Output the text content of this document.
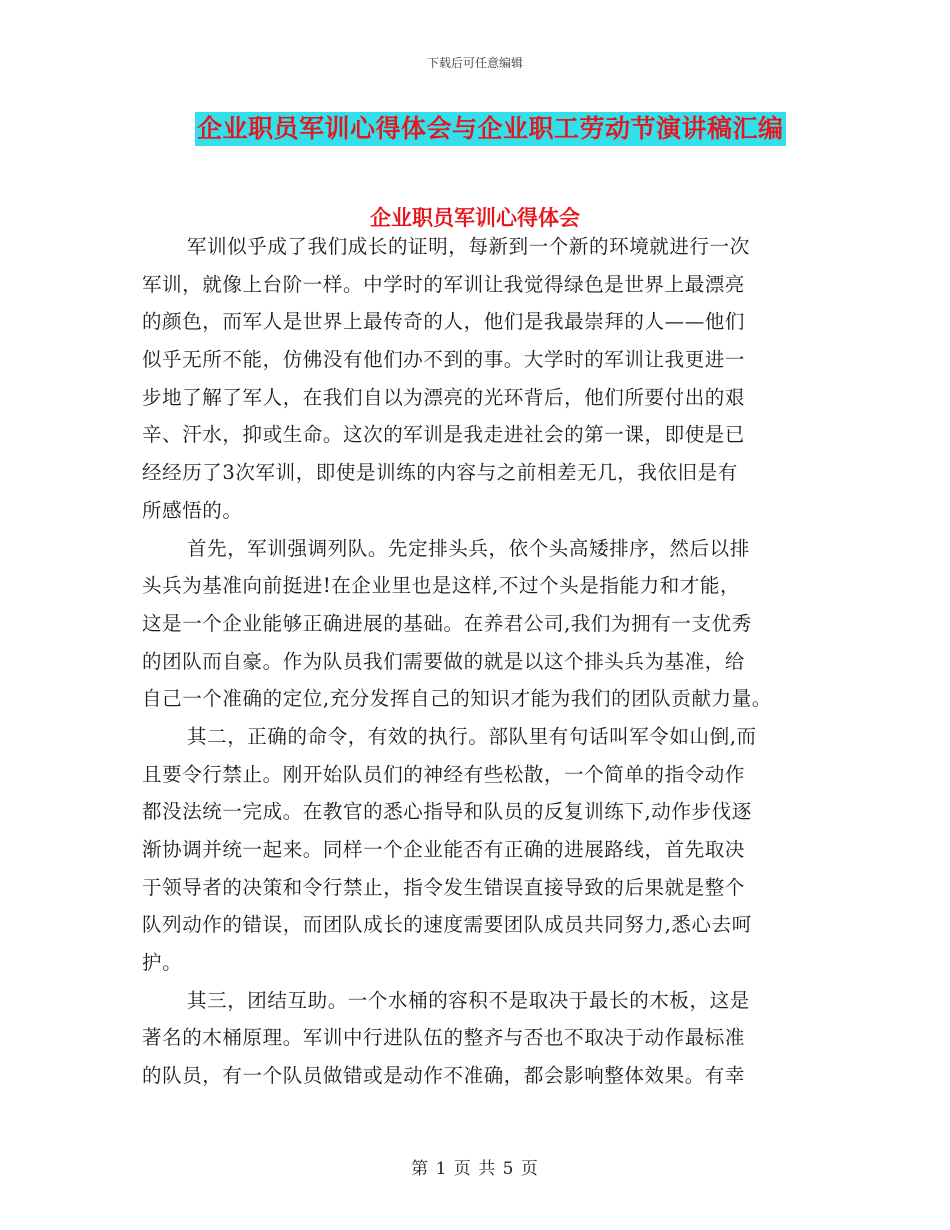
下载后可任意编辑
企业职员军训心得体会与企业职工劳动节演讲稿汇编
企业职员军训心得体会
军训似乎成了我们成长的证明，每新到一个新的环境就进行一次
军训，就像上台阶一样。中学时的军训让我觉得绿色是世界上最漂亮
的颜色，而军人是世界上最传奇的人，他们是我最崇拜的人——他们
似乎无所不能，仿佛没有他们办不到的事。大学时的军训让我更进一
步地了解了军人，在我们自以为漂亮的光环背后，他们所要付出的艰
辛、汗水，抑或生命。这次的军训是我走进社会的第一课，即使是已
经经历了3次军训，即使是训练的内容与之前相差无几，我依旧是有
所感悟的。
首先，军训强调列队。先定排头兵，依个头高矮排序，然后以排
头兵为基准向前挺进!在企业里也是这样,不过个头是指能力和才能，
这是一个企业能够正确进展的基础。在养君公司,我们为拥有一支优秀
的团队而自豪。作为队员我们需要做的就是以这个排头兵为基准，给
自己一个准确的定位,充分发挥自己的知识才能为我们的团队贡献力量。
其二，正确的命令，有效的执行。部队里有句话叫军令如山倒,而
且要令行禁止。刚开始队员们的神经有些松散，一个简单的指令动作
都没法统一完成。在教官的悉心指导和队员的反复训练下,动作步伐逐
渐协调并统一起来。同样一个企业能否有正确的进展路线，首先取决
于领导者的决策和令行禁止，指令发生错误直接导致的后果就是整个
队列动作的错误，而团队成长的速度需要团队成员共同努力,悉心去呵
护。
其三，团结互助。一个水桶的容积不是取决于最长的木板，这是
著名的木桶原理。军训中行进队伍的整齐与否也不取决于动作最标准
的队员，有一个队员做错或是动作不准确，都会影响整体效果。有幸
第 1 页 共 5 页
